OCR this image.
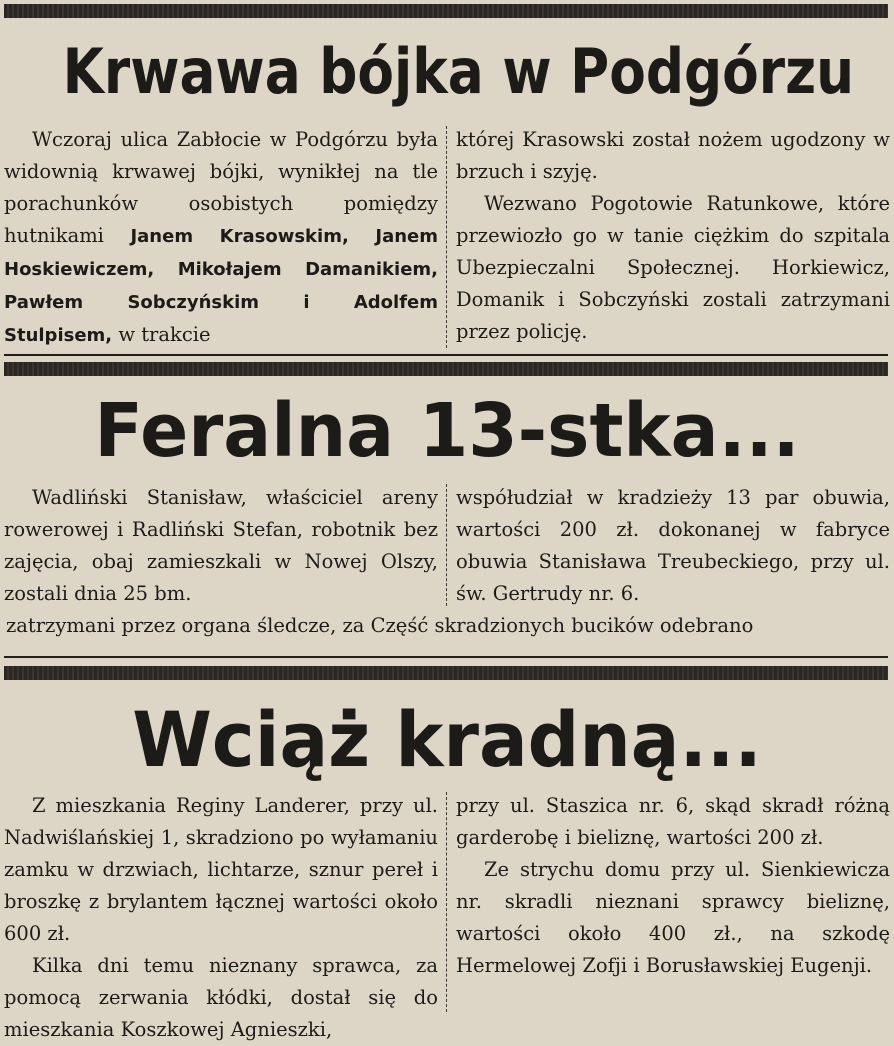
Krwawa bójka w Podgórzu

Wczoraj ulica Zabłocie w Podgórzu była widownią krwawej bójki, wynikłej na tle porachunków osobistych pomiędzy hutnikami Janem Krasowskim, Janem Hoskiewiczem, Mikołajem Damanikiem, Pawłem Sobczyńskim i Adolfem Stulpisem, w trakcie

której Krasowski został nożem ugodzony w brzuch i szyję.

Wezwano Pogotowie Ratunkowe, które przewiozło go w tanie ciężkim do szpitala Ubezpieczalni Społecznej. Horkiewicz, Domanik i Sobczyński zostali zatrzymani przez policję.

Feralna 13-stka...

Wadliński Stanisław, właściciel areny rowerowej i Radliński Stefan, robotnik bez zajęcia, obaj zamieszkali w Nowej Olszy, zostali dnia 25 bm.

współudział w kradzieży 13 par obuwia, wartości 200 zł. dokonanej w fabryce obuwia Stanisława Treubeckiego, przy ul. św. Gertrudy nr. 6.

zatrzymani przez organa śledcze, za Część skradzionych bucików odebrano
Wciąż kradną...

Z mieszkania Reginy Landerer, przy ul. Nadwiślańskiej 1, skradziono po wyłamaniu zamku w drzwiach, lichtarze, sznur pereł i broszkę z brylantem łącznej wartości około 600 zł.

Kilka dni temu nieznany sprawca, za pomocą zerwania kłódki, dostał się do mieszkania Koszkowej Agnieszki,

przy ul. Staszica nr. 6, skąd skradł różną garderobę i bieliznę, wartości 200 zł.

Ze strychu domu przy ul. Sienkiewicza nr. skradli nieznani sprawcy bieliznę, wartości około 400 zł., na szkodę Hermelowej Zofji i Borusławskiej Eugenji.
